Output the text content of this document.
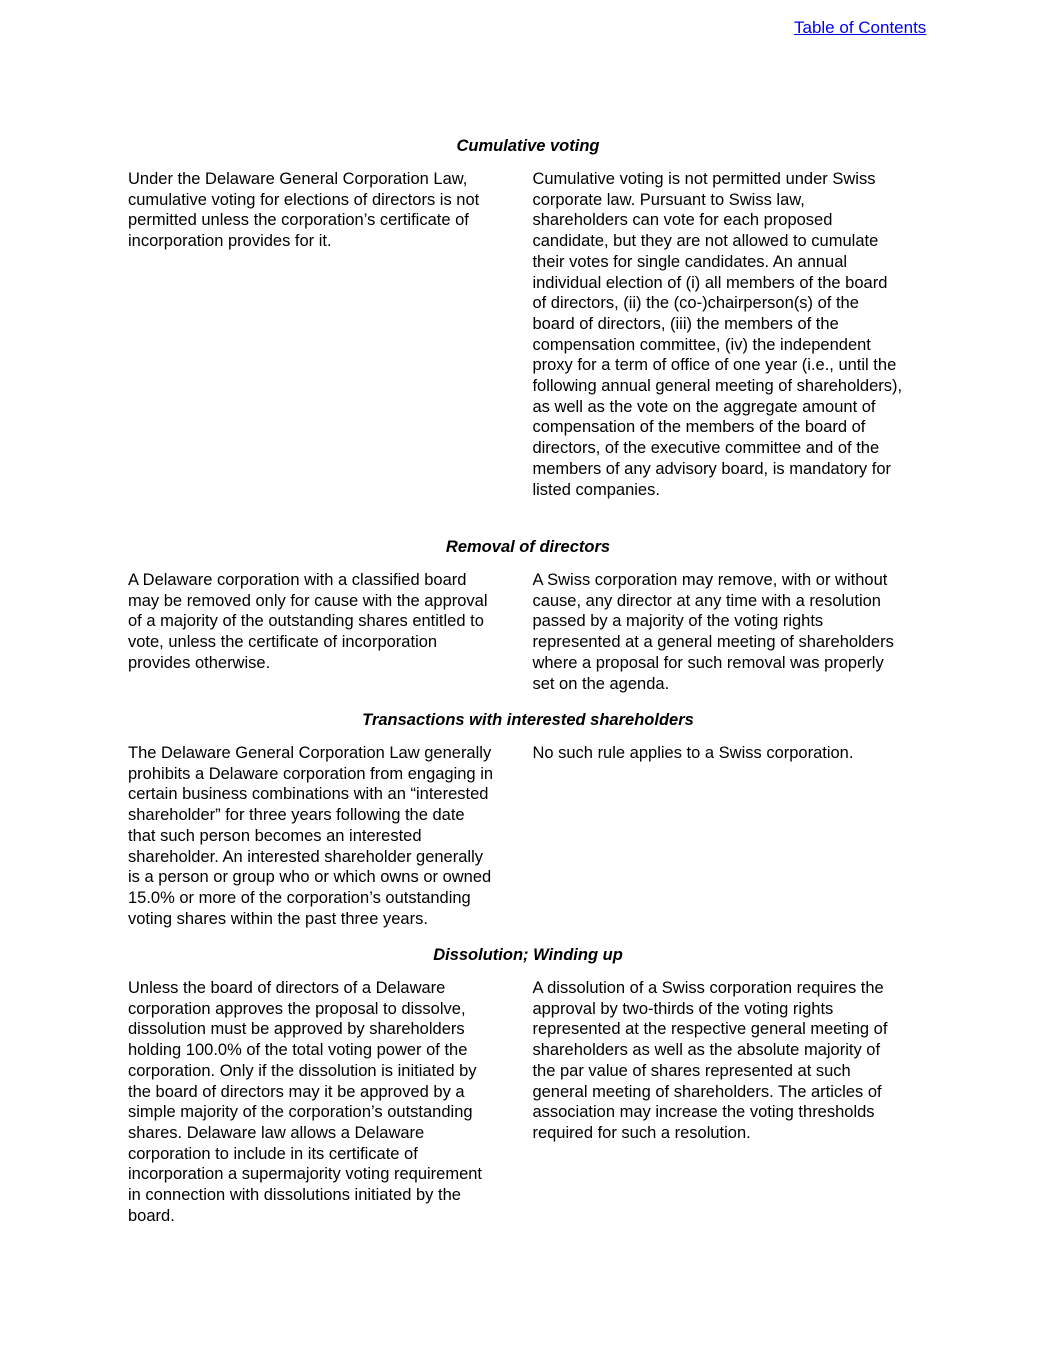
Table of Contents
Cumulative voting
Under the Delaware General Corporation Law,
cumulative voting for elections of directors is not
permitted unless the corporation’s certificate of
incorporation provides for it.
Cumulative voting is not permitted under Swiss
corporate law. Pursuant to Swiss law,
shareholders can vote for each proposed
candidate, but they are not allowed to cumulate
their votes for single candidates. An annual
individual election of (i) all members of the board
of directors, (ii) the (co-)chairperson(s) of the
board of directors, (iii) the members of the
compensation committee, (iv) the independent
proxy for a term of office of one year (i.e., until the
following annual general meeting of shareholders),
as well as the vote on the aggregate amount of
compensation of the members of the board of
directors, of the executive committee and of the
members of any advisory board, is mandatory for
listed companies.
Removal of directors
A Delaware corporation with a classified board
may be removed only for cause with the approval
of a majority of the outstanding shares entitled to
vote, unless the certificate of incorporation
provides otherwise.
A Swiss corporation may remove, with or without
cause, any director at any time with a resolution
passed by a majority of the voting rights
represented at a general meeting of shareholders
where a proposal for such removal was properly
set on the agenda.
Transactions with interested shareholders
The Delaware General Corporation Law generally
prohibits a Delaware corporation from engaging in
certain business combinations with an “interested
shareholder” for three years following the date
that such person becomes an interested
shareholder. An interested shareholder generally
is a person or group who or which owns or owned
15.0% or more of the corporation’s outstanding
voting shares within the past three years.
No such rule applies to a Swiss corporation.
Dissolution; Winding up
Unless the board of directors of a Delaware
corporation approves the proposal to dissolve,
dissolution must be approved by shareholders
holding 100.0% of the total voting power of the
corporation. Only if the dissolution is initiated by
the board of directors may it be approved by a
simple majority of the corporation’s outstanding
shares. Delaware law allows a Delaware
corporation to include in its certificate of
incorporation a supermajority voting requirement
in connection with dissolutions initiated by the
board.
A dissolution of a Swiss corporation requires the
approval by two-thirds of the voting rights
represented at the respective general meeting of
shareholders as well as the absolute majority of
the par value of shares represented at such
general meeting of shareholders. The articles of
association may increase the voting thresholds
required for such a resolution.
